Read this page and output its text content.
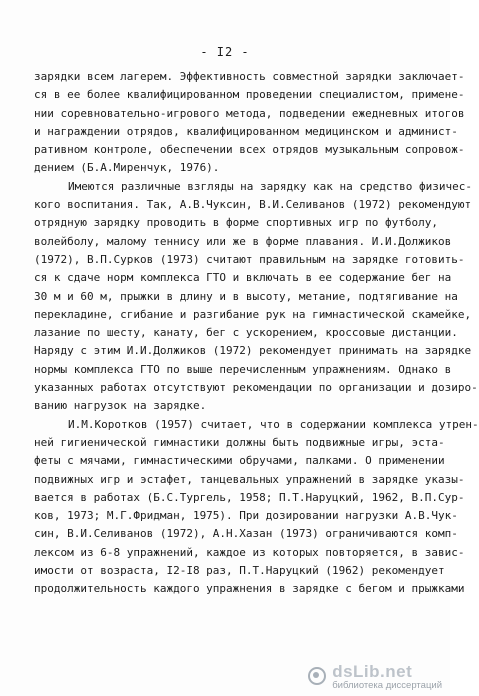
- I2 -
зарядки всем лагерем. Эффективность совместной зарядки заключает-
ся в ее более квалифицированном проведении специалистом, примене-
нии соревновательно-игрового метода, подведении ежедневных итогов
и награждении отрядов, квалифицированном медицинском и админист-
ративном контроле, обеспечении всех отрядов музыкальным сопровож-
дением (Б.А.Миренчук, 1976).
Имеются различные взгляды на зарядку как на средство физичес-
кого воспитания. Так, А.В.Чуксин, В.И.Селиванов (1972) рекомендуют
отрядную зарядку проводить в форме спортивных игр по футболу,
волейболу, малому теннису или же в форме плавания. И.И.Должиков
(1972), В.П.Сурков (1973) считают правильным на зарядке готовить-
ся к сдаче норм комплекса ГТО и включать в ее содержание бег на
30 м и 60 м, прыжки в длину и в высоту, метание, подтягивание на
перекладине, сгибание и разгибание рук на гимнастической скамейке,
лазание по шесту, канату, бег с ускорением, кроссовые дистанции.
Наряду с этим И.И.Должиков (1972) рекомендует принимать на зарядке
нормы комплекса ГТО по выше перечисленным упражнениям. Однако в
указанных работах отсутствуют рекомендации по организации и дозиро-
ванию нагрузок на зарядке.
И.М.Коротков (1957) считает, что в содержании комплекса утрен-
ней гигиенической гимнастики должны быть подвижные игры, эста-
феты с мячами, гимнастическими обручами, палками. О применении
подвижных игр и эстафет, танцевальных упражнений в зарядке указы-
вается в работах (Б.С.Тургель, 1958; П.Т.Наруцкий, 1962, В.П.Сур-
ков, 1973; М.Г.Фридман, 1975). При дозировании нагрузки А.В.Чук-
син, В.И.Селиванов (1972), А.Н.Хазан (1973) ограничиваются комп-
лексом из 6-8 упражнений, каждое из которых повторяется, в завис-
имости от возраста, I2-I8 раз, П.Т.Наруцкий (1962) рекомендует
продолжительность каждого упражнения в зарядке с бегом и прыжками
dsLib.net
библиотека диссертаций
